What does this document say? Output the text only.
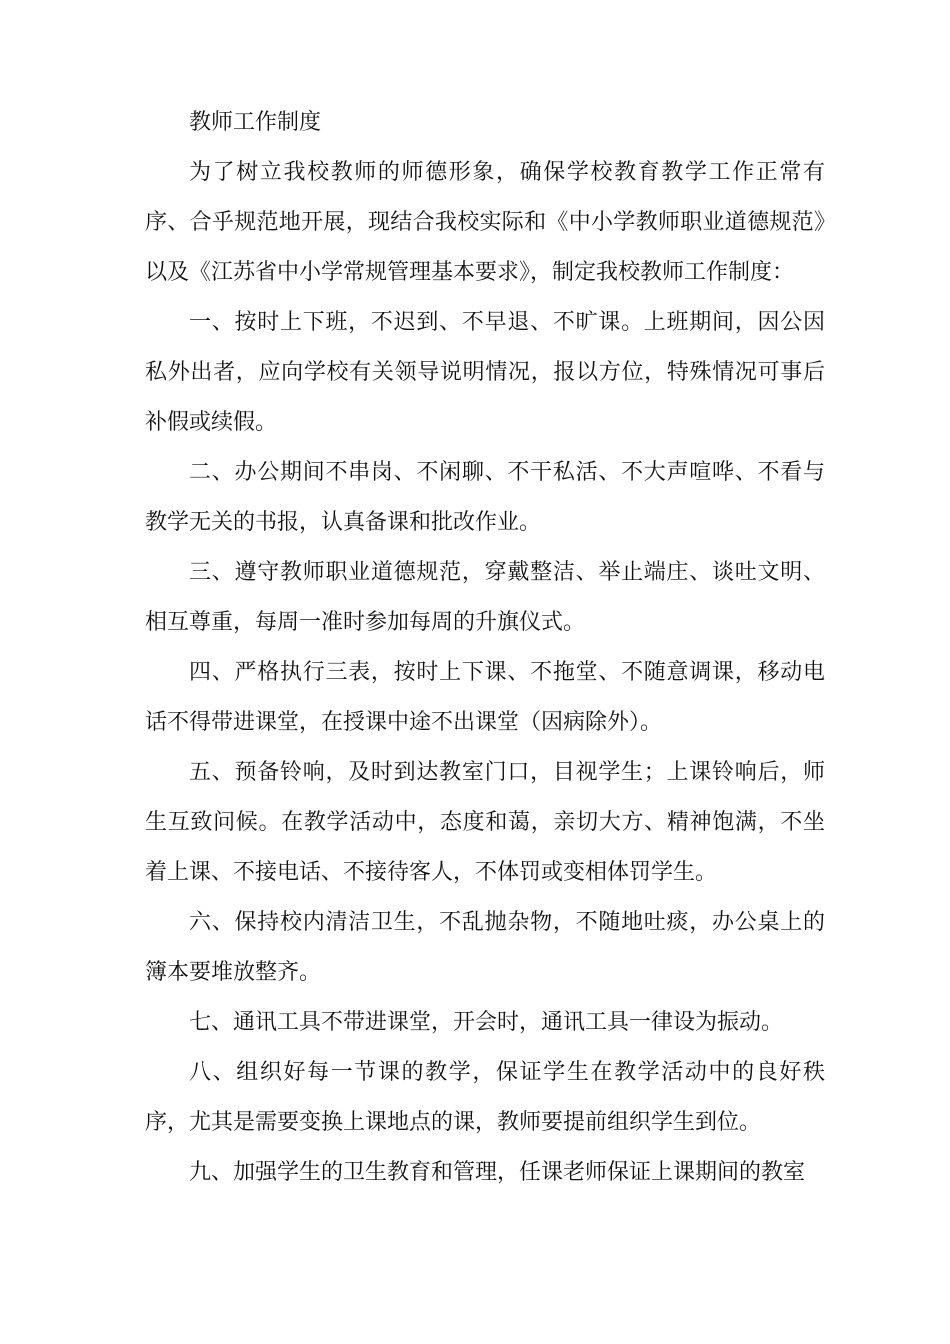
教师工作制度

为了树立我校教师的师德形象，确保学校教育教学工作正常有序、合乎规范地开展，现结合我校实际和《中小学教师职业道德规范》以及《江苏省中小学常规管理基本要求》，制定我校教师工作制度：

一、按时上下班，不迟到、不早退、不旷课。上班期间，因公因私外出者，应向学校有关领导说明情况，报以方位，特殊情况可事后补假或续假。

二、办公期间不串岗、不闲聊、不干私活、不大声喧哗、不看与教学无关的书报，认真备课和批改作业。

三、遵守教师职业道德规范，穿戴整洁、举止端庄、谈吐文明、相互尊重，每周一准时参加每周的升旗仪式。

四、严格执行三表，按时上下课、不拖堂、不随意调课，移动电话不得带进课堂，在授课中途不出课堂（因病除外）。

五、预备铃响，及时到达教室门口，目视学生；上课铃响后，师生互致问候。在教学活动中，态度和蔼，亲切大方、精神饱满，不坐着上课、不接电话、不接待客人，不体罚或变相体罚学生。

六、保持校内清洁卫生，不乱抛杂物，不随地吐痰，办公桌上的簿本要堆放整齐。

七、通讯工具不带进课堂，开会时，通讯工具一律设为振动。

八、组织好每一节课的教学，保证学生在教学活动中的良好秩序，尤其是需要变换上课地点的课，教师要提前组织学生到位。

九、加强学生的卫生教育和管理，任课老师保证上课期间的教室
